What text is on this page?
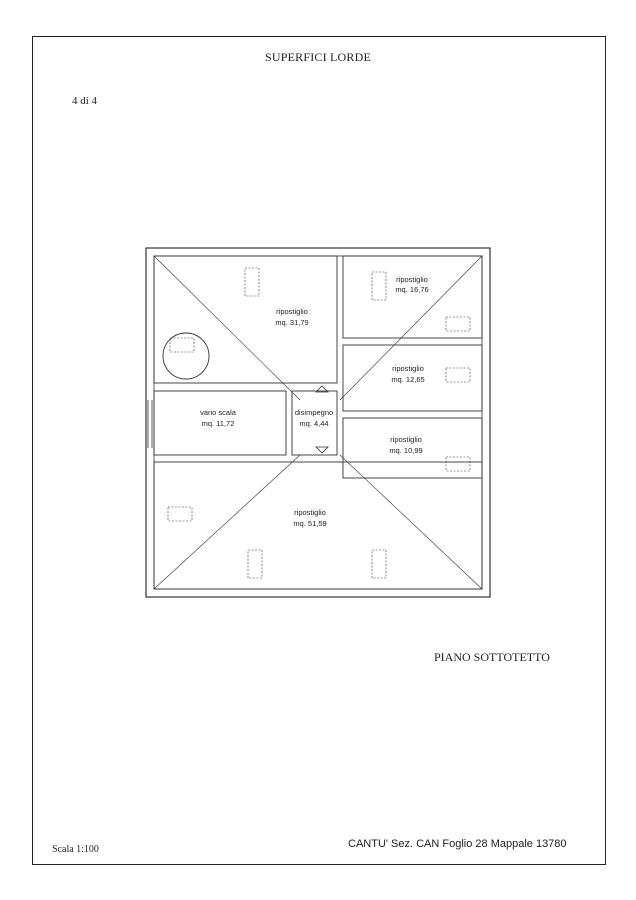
SUPERFICI LORDE
4 di 4
ripostiglio
mq. 31,79
ripostiglio
mq. 16,76
ripostiglio
mq. 12,65
ripostiglio
mq. 10,99
ripostiglio
mq. 51,59
vano scala
mq. 11,72
disimpegno
mq. 4,44
PIANO SOTTOTETTO
Scala 1:100	CANTU' Sez. CAN Foglio 28 Mappale 13780
